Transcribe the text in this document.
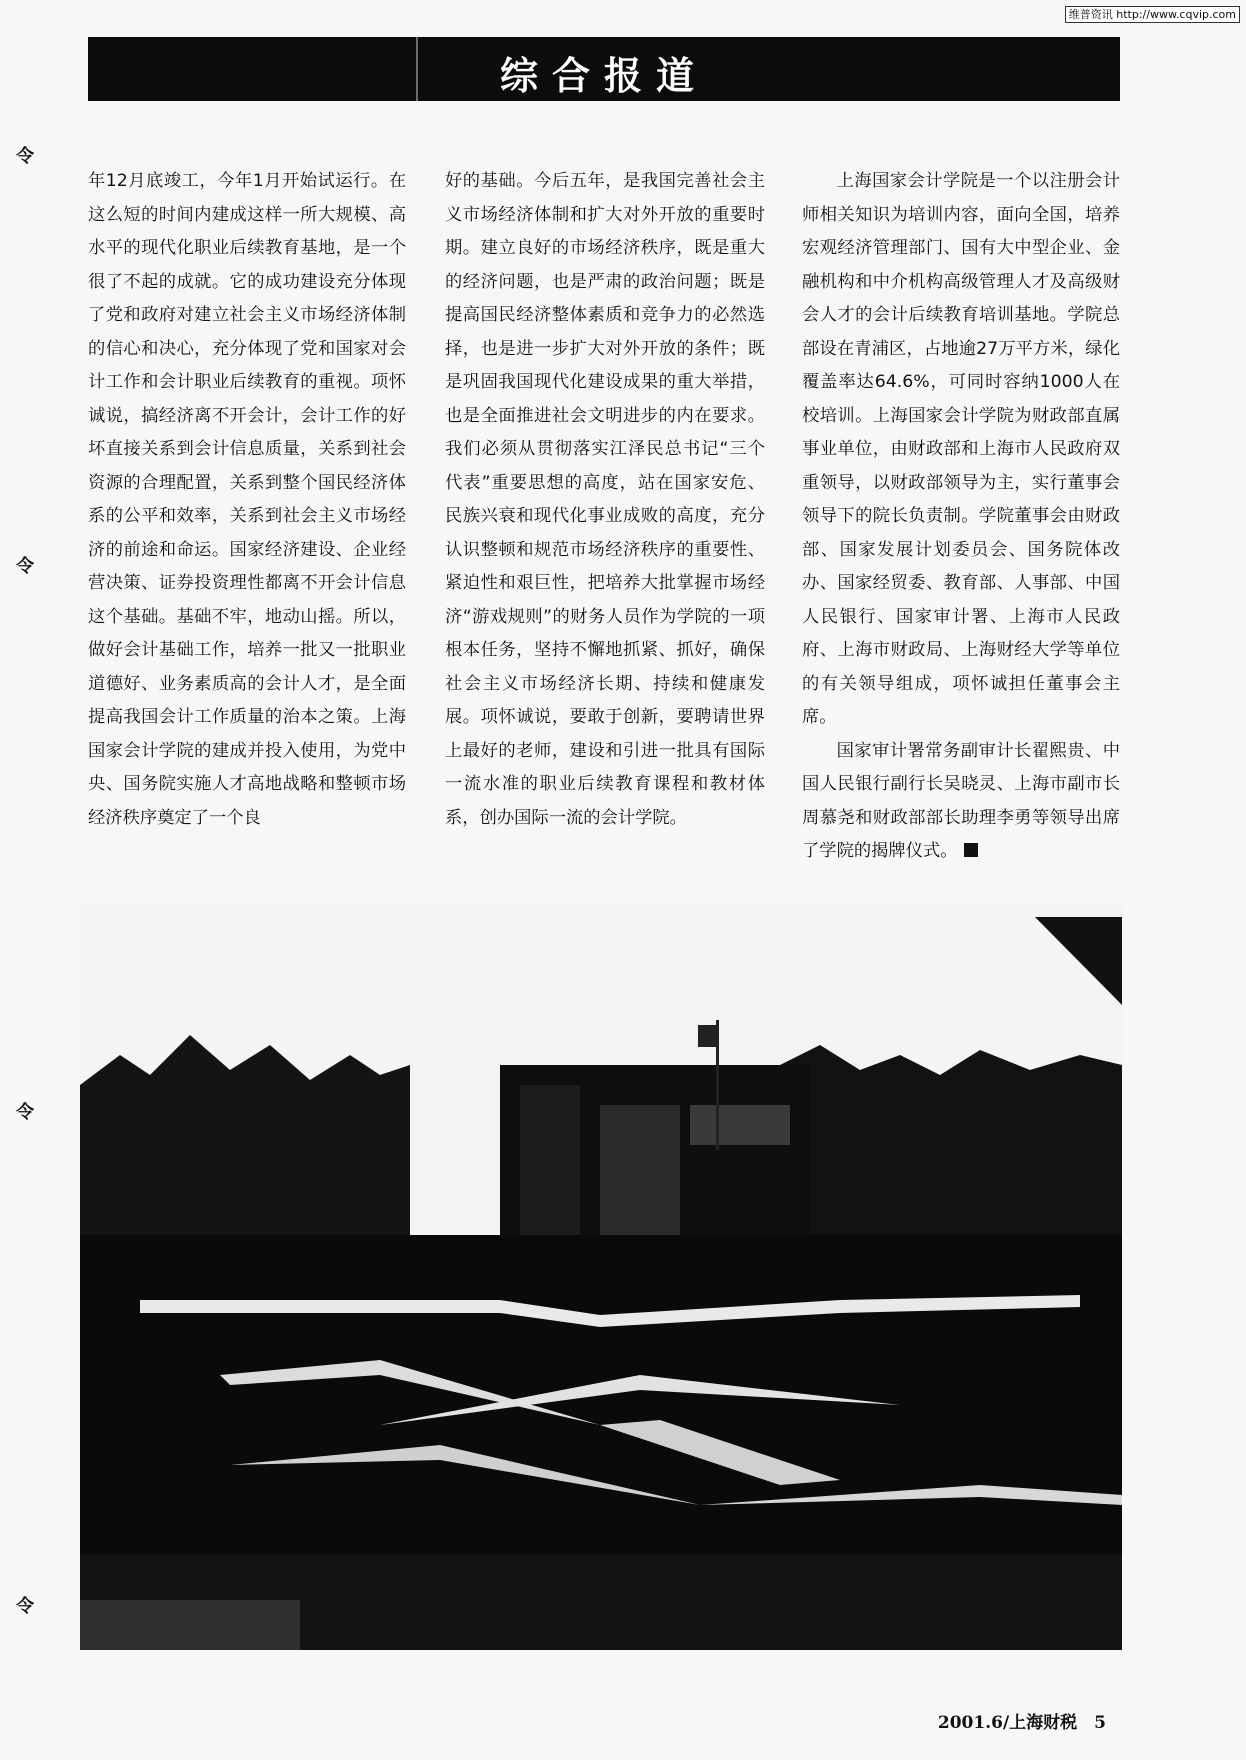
维普资讯 http://www.cqvip.com
综合报道
令
令
令
令

年12月底竣工，今年1月开始试运行。在这么短的时间内建成这样一所大规模、高水平的现代化职业后续教育基地，是一个很了不起的成就。它的成功建设充分体现了党和政府对建立社会主义市场经济体制的信心和决心，充分体现了党和国家对会计工作和会计职业后续教育的重视。项怀诚说，搞经济离不开会计，会计工作的好坏直接关系到会计信息质量，关系到社会资源的合理配置，关系到整个国民经济体系的公平和效率，关系到社会主义市场经济的前途和命运。国家经济建设、企业经营决策、证券投资理性都离不开会计信息这个基础。基础不牢，地动山摇。所以，做好会计基础工作，培养一批又一批职业道德好、业务素质高的会计人才，是全面提高我国会计工作质量的治本之策。上海国家会计学院的建成并投入使用，为党中央、国务院实施人才高地战略和整顿市场经济秩序奠定了一个良

好的基础。今后五年，是我国完善社会主义市场经济体制和扩大对外开放的重要时期。建立良好的市场经济秩序，既是重大的经济问题，也是严肃的政治问题；既是提高国民经济整体素质和竞争力的必然选择，也是进一步扩大对外开放的条件；既是巩固我国现代化建设成果的重大举措，也是全面推进社会文明进步的内在要求。我们必须从贯彻落实江泽民总书记“三个代表”重要思想的高度，站在国家安危、民族兴衰和现代化事业成败的高度，充分认识整顿和规范市场经济秩序的重要性、紧迫性和艰巨性，把培养大批掌握市场经济“游戏规则”的财务人员作为学院的一项根本任务，坚持不懈地抓紧、抓好，确保社会主义市场经济长期、持续和健康发展。项怀诚说，要敢于创新，要聘请世界上最好的老师，建设和引进一批具有国际一流水准的职业后续教育课程和教材体系，创办国际一流的会计学院。

上海国家会计学院是一个以注册会计师相关知识为培训内容，面向全国，培养宏观经济管理部门、国有大中型企业、金融机构和中介机构高级管理人才及高级财会人才的会计后续教育培训基地。学院总部设在青浦区，占地逾27万平方米，绿化覆盖率达64.6%，可同时容纳1000人在校培训。上海国家会计学院为财政部直属事业单位，由财政部和上海市人民政府双重领导，以财政部领导为主，实行董事会领导下的院长负责制。学院董事会由财政部、国家发展计划委员会、国务院体改办、国家经贸委、教育部、人事部、中国人民银行、国家审计署、上海市人民政府、上海市财政局、上海财经大学等单位的有关领导组成，项怀诚担任董事会主席。

国家审计署常务副审计长翟熙贵、中国人民银行副行长吴晓灵、上海市副市长周慕尧和财政部部长助理李勇等领导出席了学院的揭牌仪式。

2001.6/上海财税　5
